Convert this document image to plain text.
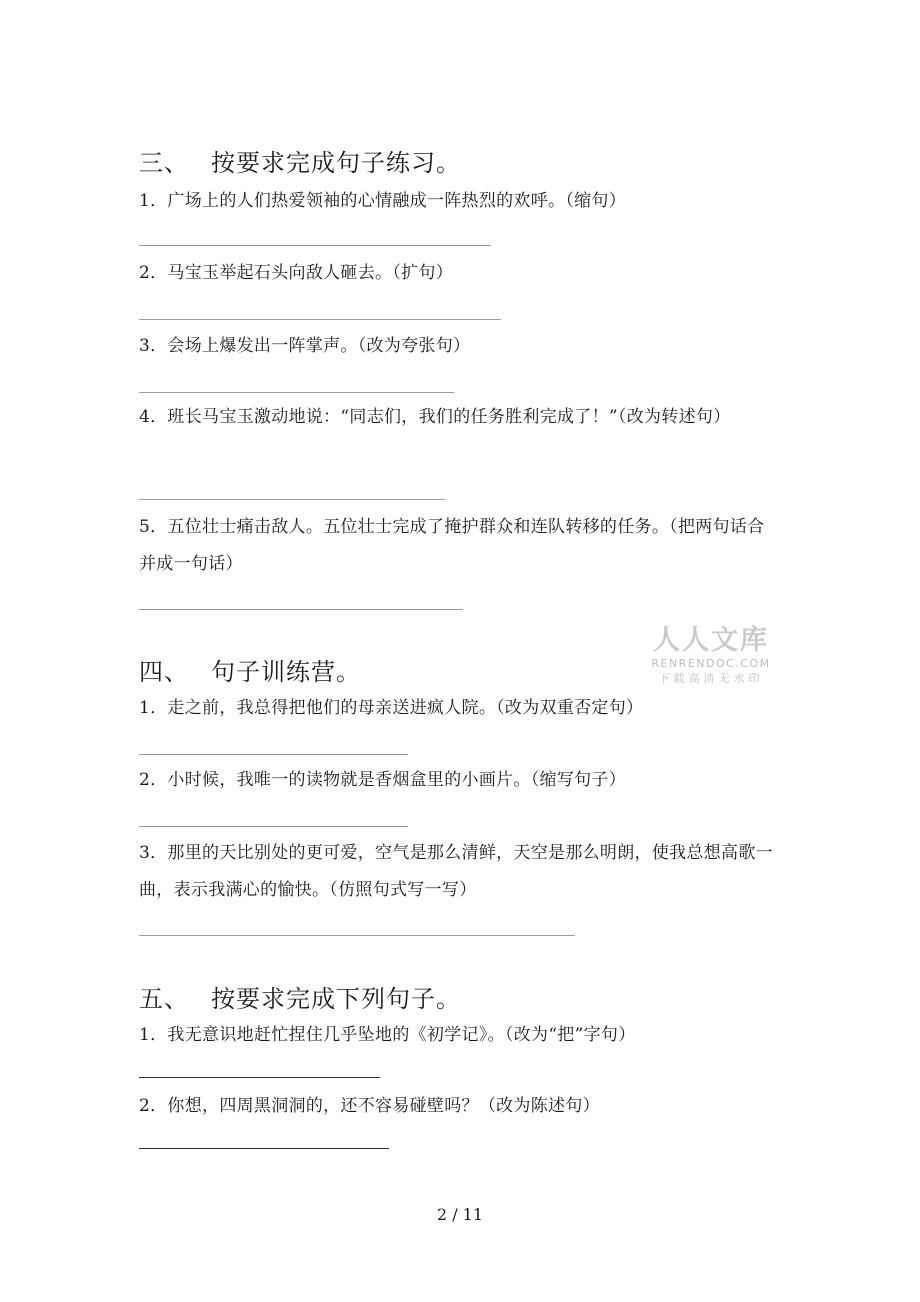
三、 按要求完成句子练习。
1．广场上的人们热爱领袖的心情融成一阵热烈的欢呼。（缩句）
2．马宝玉举起石头向敌人砸去。（扩句）
3．会场上爆发出一阵掌声。（改为夸张句）
4．班长马宝玉激动地说：“同志们，我们的任务胜利完成了！”（改为转述句）
5．五位壮士痛击敌人。五位壮士完成了掩护群众和连队转移的任务。（把两句话合并成一句话）
人人文库
RENRENDOC.COM
下载高清无水印
四、 句子训练营。
1．走之前，我总得把他们的母亲送进疯人院。（改为双重否定句）
2．小时候，我唯一的读物就是香烟盒里的小画片。（缩写句子）
3．那里的天比别处的更可爱，空气是那么清鲜，天空是那么明朗，使我总想高歌一曲，表示我满心的愉快。（仿照句式写一写）
五、 按要求完成下列句子。
1．我无意识地赶忙捏住几乎坠地的《初学记》。（改为“把”字句）
2．你想，四周黑洞洞的，还不容易碰壁吗？（改为陈述句）
2 / 11
